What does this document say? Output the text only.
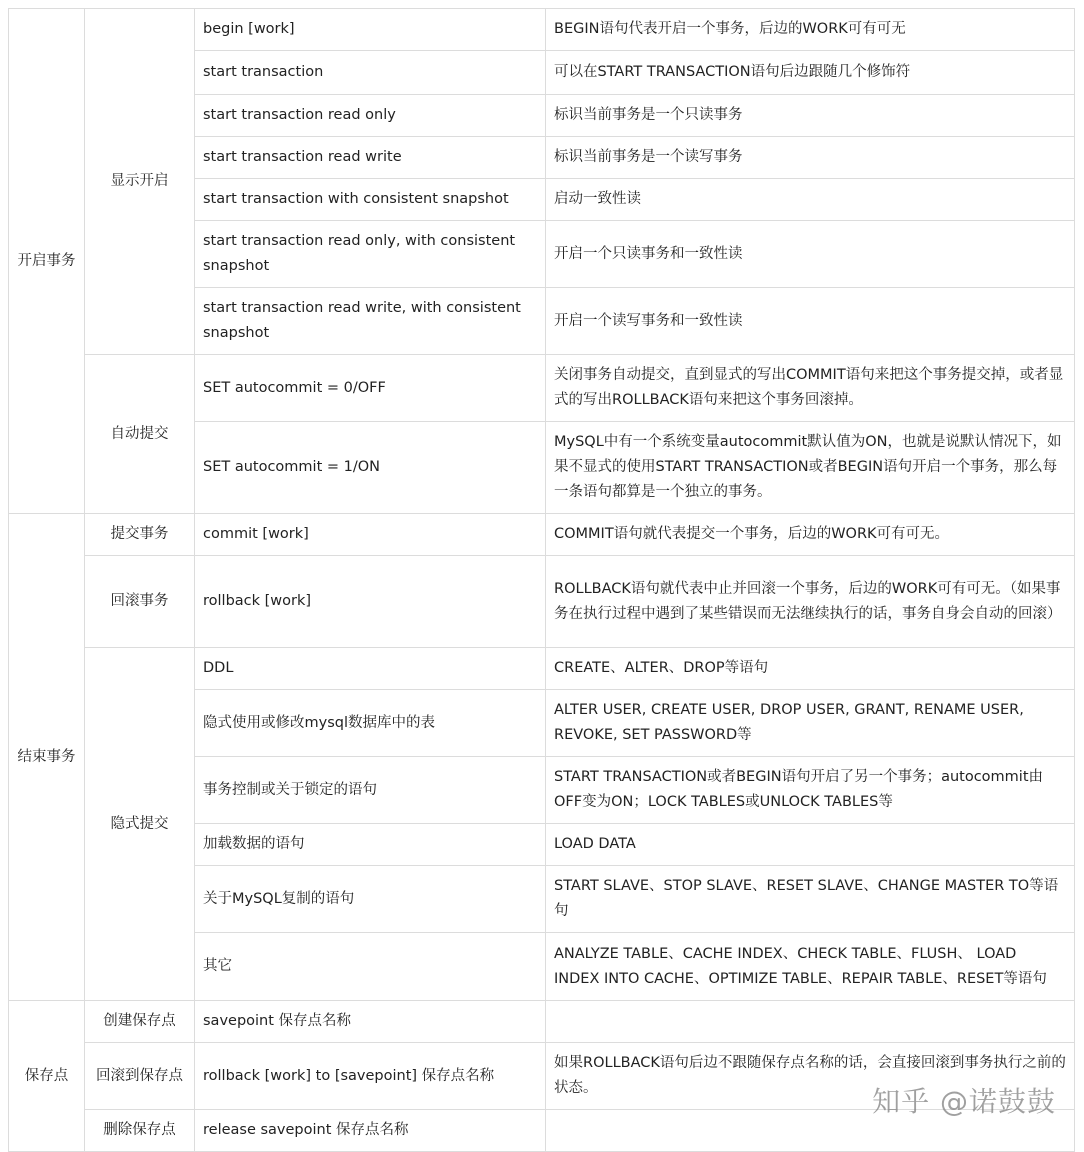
开启事务	显示开启	begin [work]	BEGIN语句代表开启一个事务，后边的WORK可有可无
		start transaction	可以在START TRANSACTION语句后边跟随几个修饰符
		start transaction read only	标识当前事务是一个只读事务
		start transaction read write	标识当前事务是一个读写事务
		start transaction with consistent snapshot	启动一致性读
		start transaction read only, with consistent snapshot	开启一个只读事务和一致性读
		start transaction read write, with consistent snapshot	开启一个读写事务和一致性读
	自动提交	SET autocommit = 0/OFF	关闭事务自动提交，直到显式的写出COMMIT语句来把这个事务提交掉，或者显式的写出ROLLBACK语句来把这个事务回滚掉。
		SET autocommit = 1/ON	MySQL中有一个系统变量autocommit默认值为ON，也就是说默认情况下，如果不显式的使用START TRANSACTION或者BEGIN语句开启一个事务，那么每一条语句都算是一个独立的事务。
结束事务	提交事务	commit [work]	COMMIT语句就代表提交一个事务，后边的WORK可有可无。
	回滚事务	rollback [work]	ROLLBACK语句就代表中止并回滚一个事务，后边的WORK可有可无。（如果事务在执行过程中遇到了某些错误而无法继续执行的话，事务自身会自动的回滚）
	隐式提交	DDL	CREATE、ALTER、DROP等语句
		隐式使用或修改mysql数据库中的表	ALTER USER, CREATE USER, DROP USER, GRANT, RENAME USER, REVOKE, SET PASSWORD等
		事务控制或关于锁定的语句	START TRANSACTION或者BEGIN语句开启了另一个事务；autocommit由OFF变为ON；LOCK TABLES或UNLOCK TABLES等
		加载数据的语句	LOAD DATA
		关于MySQL复制的语句	START SLAVE、STOP SLAVE、RESET SLAVE、CHANGE MASTER TO等语句
		其它	ANALYZE TABLE、CACHE INDEX、CHECK TABLE、FLUSH、 LOAD INDEX INTO CACHE、OPTIMIZE TABLE、REPAIR TABLE、RESET等语句
保存点	创建保存点	savepoint 保存点名称	
	回滚到保存点	rollback [work] to [savepoint] 保存点名称	如果ROLLBACK语句后边不跟随保存点名称的话，会直接回滚到事务执行之前的状态。
	删除保存点	release savepoint 保存点名称	
知乎 @诺鼓鼓
